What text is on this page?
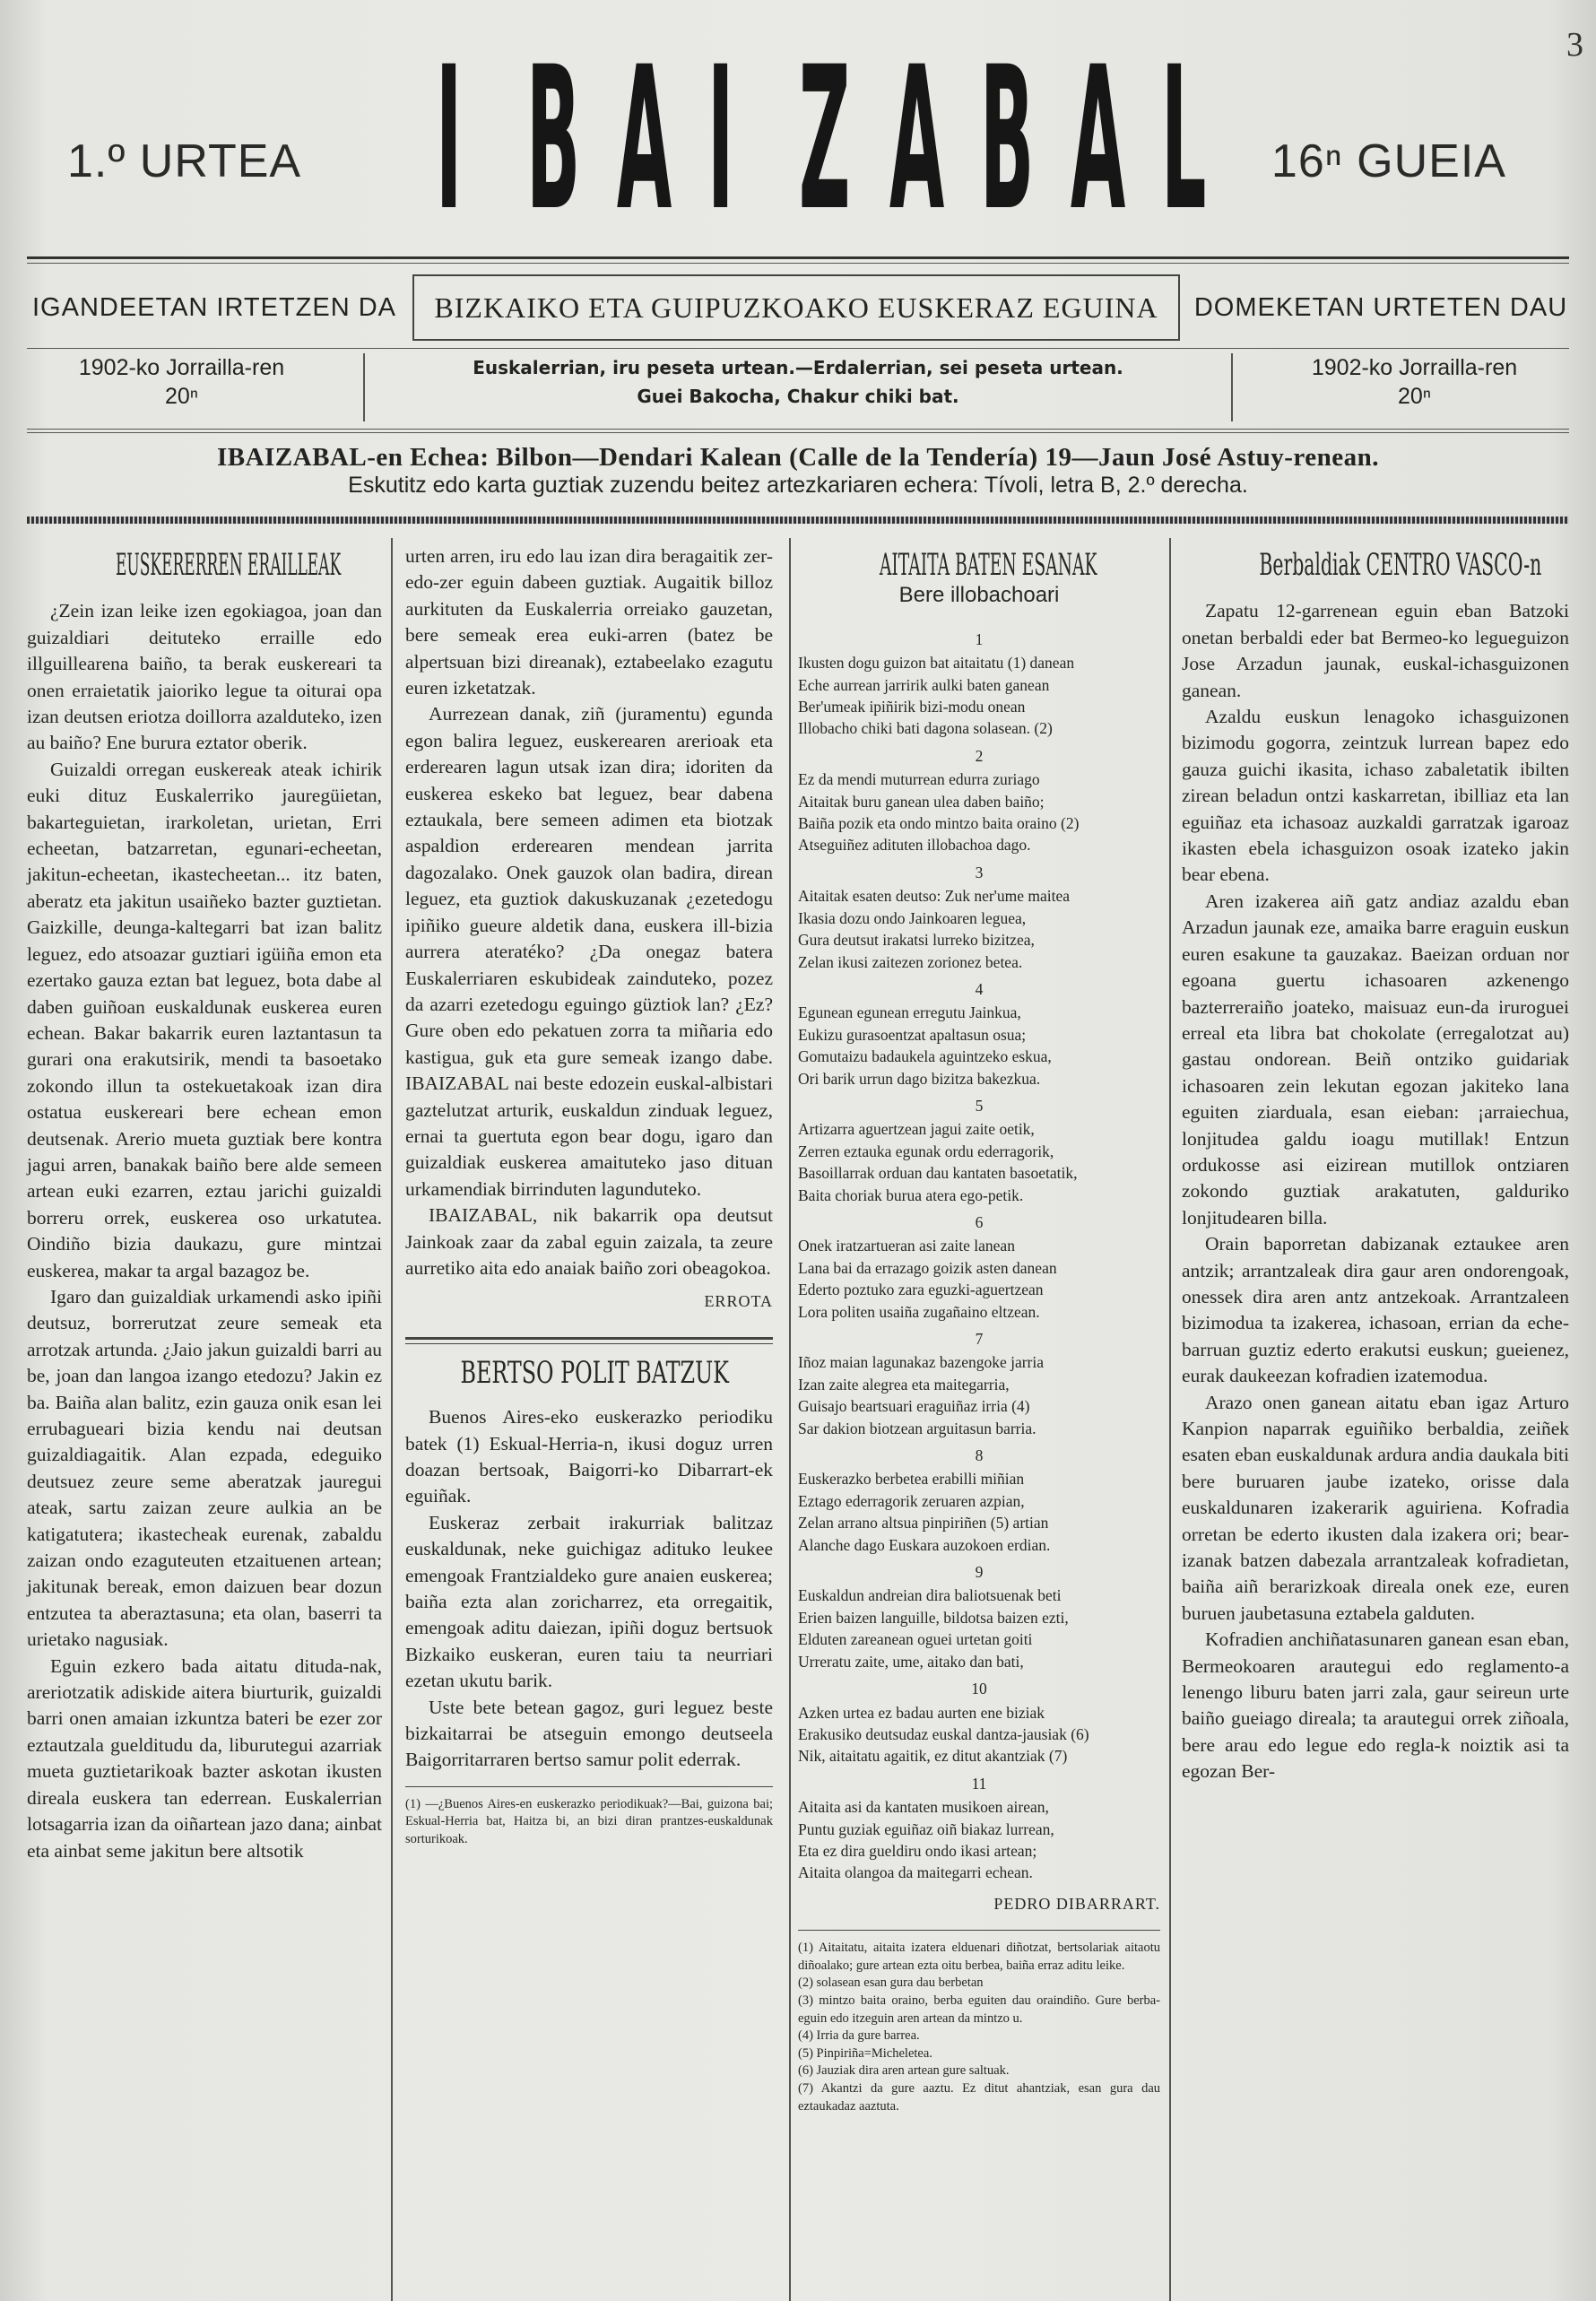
3
1.º URTEA I B A I Z A B A L 16ⁿ GUEIA
IGANDEETAN IRTETZEN DA	BIZKAIKO ETA GUIPUZKOAKO EUSKERAZ EGUINA	DOMEKETAN URTETEN DAU
1902-ko Jorrailla-ren
20ⁿ
Euskalerrian, iru peseta urtean.—Erdalerrian, sei peseta urtean.
Guei Bakocha, Chakur chiki bat.
1902-ko Jorrailla-ren
20ⁿ
IBAIZABAL-en Echea: Bilbon—Dendari Kalean (Calle de la Tendería) 19—Jaun José Astuy-renean.
Eskutitz edo karta guztiak zuzendu beitez artezkariaren echera: Tívoli, letra B, 2.º derecha.
EUSKERERREN ERAILLEAK

¿Zein izan leike izen egokiagoa, joan dan guizaldiari deituteko erraille edo illguillearena baiño, ta berak euskereari ta onen erraietatik jaioriko legue ta oiturai opa izan deutsen eriotza doillorra azalduteko, izen au baiño? Ene burura eztator oberik.

Guizaldi orregan euskereak ateak ichirik euki dituz Euskalerriko jauregüietan, bakarteguietan, irarkoletan, urietan, Erri echeetan, batzarretan, egunari-echeetan, jakitun-echeetan, ikastecheetan... itz baten, aberatz eta jakitun usaiñeko bazter guztietan. Gaizkille, deunga-kaltegarri bat izan balitz leguez, edo atsoazar guztiari igüiña emon eta ezertako gauza eztan bat leguez, bota dabe al daben guiñoan euskaldunak euskerea euren echean. Bakar bakarrik euren laztantasun ta gurari ona erakutsirik, mendi ta basoetako zokondo illun ta ostekuetakoak izan dira ostatua euskereari bere echean emon deutsenak. Arerio mueta guztiak bere kontra jagui arren, banakak baiño bere alde semeen artean euki ezarren, eztau jarichi guizaldi borreru orrek, euskerea oso urkatutea. Oindiño bizia daukazu, gure mintzai euskerea, makar ta argal bazagoz be.

Igaro dan guizaldiak urkamendi asko ipiñi deutsuz, borrerutzat zeure semeak eta arrotzak artunda. ¿Jaio jakun guizaldi barri au be, joan dan langoa izango etedozu? Jakin ez ba. Baiña alan balitz, ezin gauza onik esan lei errubagueari bizia kendu nai deutsan guizaldiagaitik. Alan ezpada, edeguiko deutsuez zeure seme aberatzak jauregui ateak, sartu zaizan zeure aulkia an be katigatutera; ikastecheak eurenak, zabaldu zaizan ondo ezaguteuten etzaituenen artean; jakitunak bereak, emon daizuen bear dozun entzutea ta aberaztasuna; eta olan, baserri ta urietako nagusiak.

Eguin ezkero bada aitatu dituda-nak, areriotzatik adiskide aitera biurturik, guizaldi barri onen amaian izkuntza bateri be ezer zor eztautzala guelditudu da, liburutegui azarriak mueta guztietarikoak bazter askotan ikusten direala euskera tan ederrean. Euskalerrian lotsagarria izan da oiñartean jazo dana; ainbat eta ainbat seme jakitun bere altsotik

urten arren, iru edo lau izan dira beragaitik zer-edo-zer eguin dabeen guztiak. Augaitik billoz aurkituten da Euskalerria orreiako gauzetan, bere semeak erea euki-arren (batez be alpertsuan bizi direanak), eztabeelako ezagutu euren izketatzak.

Aurrezean danak, ziñ (juramentu) egunda egon balira leguez, euskerearen arerioak eta erderearen lagun utsak izan dira; idoriten da euskerea eskeko bat leguez, bear dabena eztaukala, bere semeen adimen eta biotzak aspaldion erderearen mendean jarrita dagozalako. Onek gauzok olan badira, direan leguez, eta guztiok dakuskuzanak ¿ezetedogu ipiñiko gueure aldetik dana, euskera ill-bizia aurrera ateratéko? ¿Da onegaz batera Euskalerriaren eskubideak zainduteko, pozez da azarri ezetedogu eguingo güztiok lan? ¿Ez? Gure oben edo pekatuen zorra ta miñaria edo kastigua, guk eta gure semeak izango dabe. IBAIZABAL nai beste edozein euskal-albistari gaztelutzat arturik, euskaldun zinduak leguez, ernai ta guertuta egon bear dogu, igaro dan guizaldiak euskerea amaituteko jaso dituan urkamendiak birrinduten lagunduteko.

IBAIZABAL, nik bakarrik opa deutsut Jainkoak zaar da zabal eguin zaizala, ta zeure aurretiko aita edo anaiak baiño zori obeagokoa.

ERROTA
BERTSO POLIT BATZUK

Buenos Aires-eko euskerazko periodiku batek (1) Eskual-Herria-n, ikusi doguz urren doazan bertsoak, Baigorri-ko Dibarrart-ek eguiñak.

Euskeraz zerbait irakurriak balitzaz euskaldunak, neke guichigaz adituko leukee emengoak Frantzialdeko gure anaien euskerea; baiña ezta alan zoricharrez, eta orregaitik, emengoak aditu daiezan, ipiñi doguz bertsuok Bizkaiko euskeran, euren taiu ta neurriari ezetan ukutu barik.

Uste bete betean gagoz, guri leguez beste bizkaitarrai be atseguin emongo deutseela Baigorritarraren bertso samur polit ederrak.

(1) —¿Buenos Aires-en euskerazko periodikuak?—Bai, guizona bai; Eskual-Herria bat, Haitza bi, an bizi diran prantzes-euskaldunak sorturikoak.
AITAITA BATEN ESANAK
Bere illobachoari
1
Ikusten dogu guizon bat aitaitatu (1) danean
Eche aurrean jarririk aulki baten ganean
Ber'umeak ipiñirik bizi-modu onean
Illobacho chiki bati dagona solasean. (2)
2
Ez da mendi muturrean edurra zuriago
Aitaitak buru ganean ulea daben baiño;
Baiña pozik eta ondo mintzo baita oraino (2)
Atseguiñez adituten illobachoa dago.
3
Aitaitak esaten deutso: Zuk ner'ume maitea
Ikasia dozu ondo Jainkoaren leguea,
Gura deutsut irakatsi lurreko bizitzea,
Zelan ikusi zaitezen zorionez betea.
4
Egunean egunean erregutu Jainkua,
Eukizu gurasoentzat apaltasun osua;
Gomutaizu badaukela aguintzeko eskua,
Ori barik urrun dago bizitza bakezkua.
5
Artizarra aguertzean jagui zaite oetik,
Zerren eztauka egunak ordu ederragorik,
Basoillarrak orduan dau kantaten basoetatik,
Baita choriak buruа atera ego-petik.
6
Onek iratzartueran asi zaite lanean
Lana bai da errazago goizik asten danean
Ederto poztuko zara eguzki-aguertzean
Lora politen usaiña zugañaino eltzean.
7
Iñoz maian lagunakaz bazengoke jarria
Izan zaite alegrea eta maitegarria,
Guisajo beartsuari eraguiñaz irria (4)
Sar dakion biotzean arguitasun barria.
8
Euskerazko berbetea erabilli miñian
Eztago ederragorik zeruaren azpian,
Zelan arrano altsua pinpiriñen (5) artian
Alanche dago Euskara auzokoen erdian.
9
Euskaldun andreian dira baliotsuenak beti
Erien baizen languille, bildotsa baizen ezti,
Elduten zareanean oguei urtetan goiti
Urreratu zaite, ume, aitako dan bati,
10
Azken urtea ez badau aurten ene biziak
Erakusiko deutsudaz euskal dantza-jausiak (6)
Nik, aitaitatu agaitik, ez ditut akantziak (7)
11
Aitaita asi da kantaten musikoen airean,
Puntu guziak eguiñaz oiñ biakaz lurrean,
Eta ez dira gueldiru ondo ikasi artean;
Aitaita olangoa da maitegarri echean.
PEDRO DIBARRART.
(1) Aitaitatu, aitaita izatera elduenari diñotzat, bertsolariak aitaotu diñoalako; gure artean ezta oitu berbea, baiña erraz aditu leike.
(2) solasean esan gura dau berbetan
(3) mintzo baita oraino, berba eguiten dau oraindiño. Gure berba-eguin edo itzeguin aren artean da mintzo u.
(4) Irria da gure barrea.
(5) Pinpiriña=Micheletea.
(6) Jauziak dira aren artean gure saltuak.
(7) Akantzi da gure aaztu. Ez ditut ahantziak, esan gura dau eztaukadaz aaztuta.
Berbaldiak CENTRO VASCO-n

Zapatu 12-garrenean eguin eban Batzoki onetan berbaldi eder bat Bermeo-ko legueguizon Jose Arzadun jaunak, euskal-ichasguizonen ganean.

Azaldu euskun lenagoko ichasguizonen bizimodu gogorra, zeintzuk lurrean bapez edo gauza guichi ikasita, ichaso zabaletatik ibilten zirean beladun ontzi kaskarretan, ibilliaz eta lan eguiñaz eta ichasoaz auzkaldi garratzak igaroaz ikasten ebela ichasguizon osoak izateko jakin bear ebena.

Aren izakerea aiñ gatz andiaz azaldu eban Arzadun jaunak eze, amaika barre eraguin euskun euren esakune ta gauzakaz. Baeizan orduan nor egoana guertu ichasoaren azkenengo bazterreraiño joateko, maisuaz eun-da iruroguei erreal eta libra bat chokolate (erregalotzat au) gastau ondorean. Beiñ ontziko guidariak ichasoaren zein lekutan egozan jakiteko lana eguiten ziardualа, esan eieban: ¡arraiechua, lonjitudea galdu ioagu mutillak! Entzun ordukosse asi eizirean mutillok ontziaren zokondo guztiak arakatuten, galduriko lonjitudearen billa.

Orain baporretan dabizanak eztaukee aren antzik; arrantzaleak dira gaur aren ondorengoak, onessek dira aren antz antzekoak. Arrantzaleen bizimodua ta izakerea, ichasoan, errian da eche-barruan guztiz ederto erakutsi euskun; gueienez, eurak daukeezan kofradien izatemodua.

Arazo onen ganean aitatu eban igaz Arturo Kanpion naparrak eguiñiko berbaldia, zeiñek esaten eban euskaldunak ardura andia daukala biti bere buruaren jaube izateko, orisse dala euskaldunaren izakerarik aguiriena. Kofradia orretan be ederto ikusten dala izakera ori; bear-izanak batzen dabezala arrantzaleak kofradietan, baiña aiñ berarizkoak direala onek eze, euren buruen jaubetasuna eztabela galduten.

Kofradien anchiñatasunaren ganean esan eban, Bermeokoaren arautegui edo reglamento-a lenengo liburu baten jarri zala, gaur seireun urte baiño gueiago direala; ta arautegui orrek ziñoala, bere arau edo legue edo regla-k noiztik asi ta egozan Ber-
